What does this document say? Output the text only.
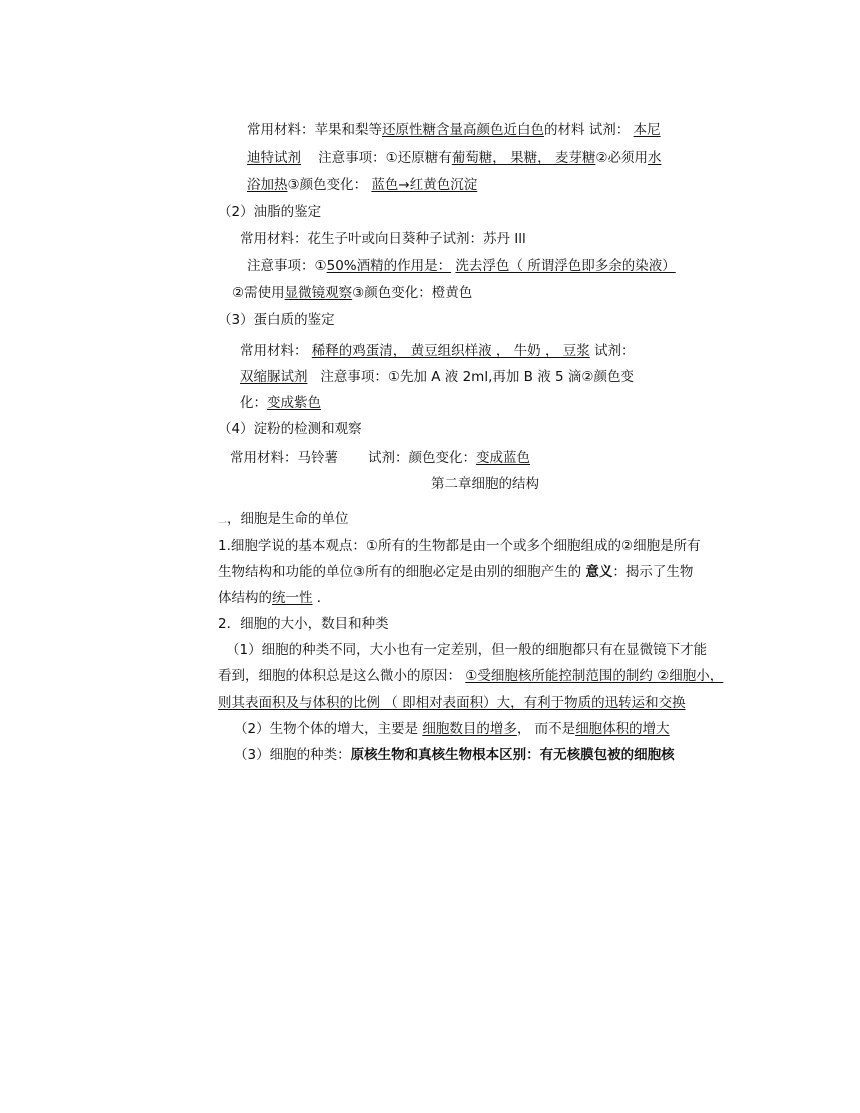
常用材料：苹果和梨等还原性糖含量高颜色近白色的材料 试剂： 本尼
迪特试剂 注意事项：①还原糖有葡萄糖， 果糖， 麦芽糖②必须用水
浴加热③颜色变化： 蓝色→红黄色沉淀
（2）油脂的鉴定
常用材料：花生子叶或向日葵种子试剂：苏丹 Ill
注意事项：①50%酒精的作用是： 洗去浮色（ 所谓浮色即多余的染液）
②需使用显微镜观察③颜色变化：橙黄色
（3）蛋白质的鉴定
常用材料： 稀释的鸡蛋清， 黄豆组织样液 ， 牛奶 ， 豆浆 试剂：
双缩脲试剂 注意事项：①先加 A 液 2ml,再加 B 液 5 滴②颜色变
化：变成紫色
（4）淀粉的检测和观察
常用材料：马铃薯 试剂：颜色变化：变成蓝色
第二章细胞的结构
$_一$，细胞是生命的单位
1.细胞学说的基本观点：①所有的生物都是由一个或多个细胞组成的②细胞是所有
生物结构和功能的单位③所有的细胞必定是由别的细胞产生的 意义：揭示了生物
体结构的统一性 ．
2．细胞的大小，数目和种类
（1）细胞的种类不同，大小也有一定差别，但一般的细胞都只有在显微镜下才能
看到，细胞的体积总是这么微小的原因： ①受细胞核所能控制范围的制约 ②细胞小，
则其表面积及与体积的比例 （ 即相对表面积）大，有利于物质的迅转运和交换
（2）生物个体的增大，主要是 细胞数目的增多， 而不是细胞体积的增大
（3）细胞的种类：原核生物和真核生物根本区别：有无核膜包被的细胞核
